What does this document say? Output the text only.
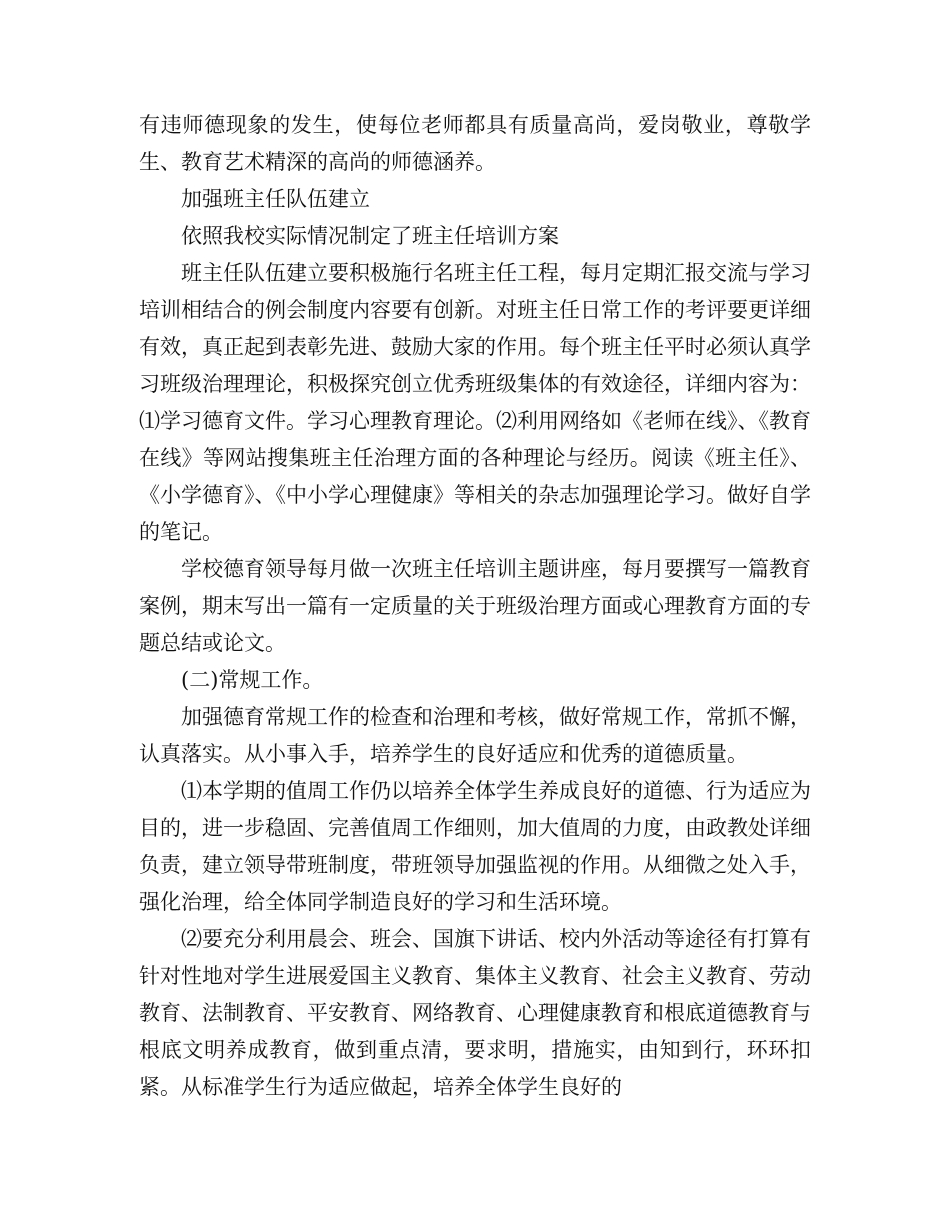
有违师德现象的发生，使每位老师都具有质量高尚，爱岗敬业，尊敬学生、教育艺术精深的高尚的师德涵养。

加强班主任队伍建立

依照我校实际情况制定了班主任培训方案

班主任队伍建立要积极施行名班主任工程，每月定期汇报交流与学习培训相结合的例会制度内容要有创新。对班主任日常工作的考评要更详细有效，真正起到表彰先进、鼓励大家的作用。每个班主任平时必须认真学习班级治理理论，积极探究创立优秀班级集体的有效途径，详细内容为：⑴学习德育文件。学习心理教育理论。⑵利用网络如《老师在线》、《教育在线》等网站搜集班主任治理方面的各种理论与经历。阅读《班主任》、《小学德育》、《中小学心理健康》等相关的杂志加强理论学习。做好自学的笔记。

学校德育领导每月做一次班主任培训主题讲座，每月要撰写一篇教育案例，期末写出一篇有一定质量的关于班级治理方面或心理教育方面的专题总结或论文。

(二)常规工作。

加强德育常规工作的检查和治理和考核，做好常规工作，常抓不懈，认真落实。从小事入手，培养学生的良好适应和优秀的道德质量。

⑴本学期的值周工作仍以培养全体学生养成良好的道德、行为适应为目的，进一步稳固、完善值周工作细则，加大值周的力度，由政教处详细负责，建立领导带班制度，带班领导加强监视的作用。从细微之处入手，强化治理，给全体同学制造良好的学习和生活环境。

⑵要充分利用晨会、班会、国旗下讲话、校内外活动等途径有打算有针对性地对学生进展爱国主义教育、集体主义教育、社会主义教育、劳动教育、法制教育、平安教育、网络教育、心理健康教育和根底道德教育与根底文明养成教育，做到重点清，要求明，措施实，由知到行，环环扣紧。从标准学生行为适应做起，培养全体学生良好的
